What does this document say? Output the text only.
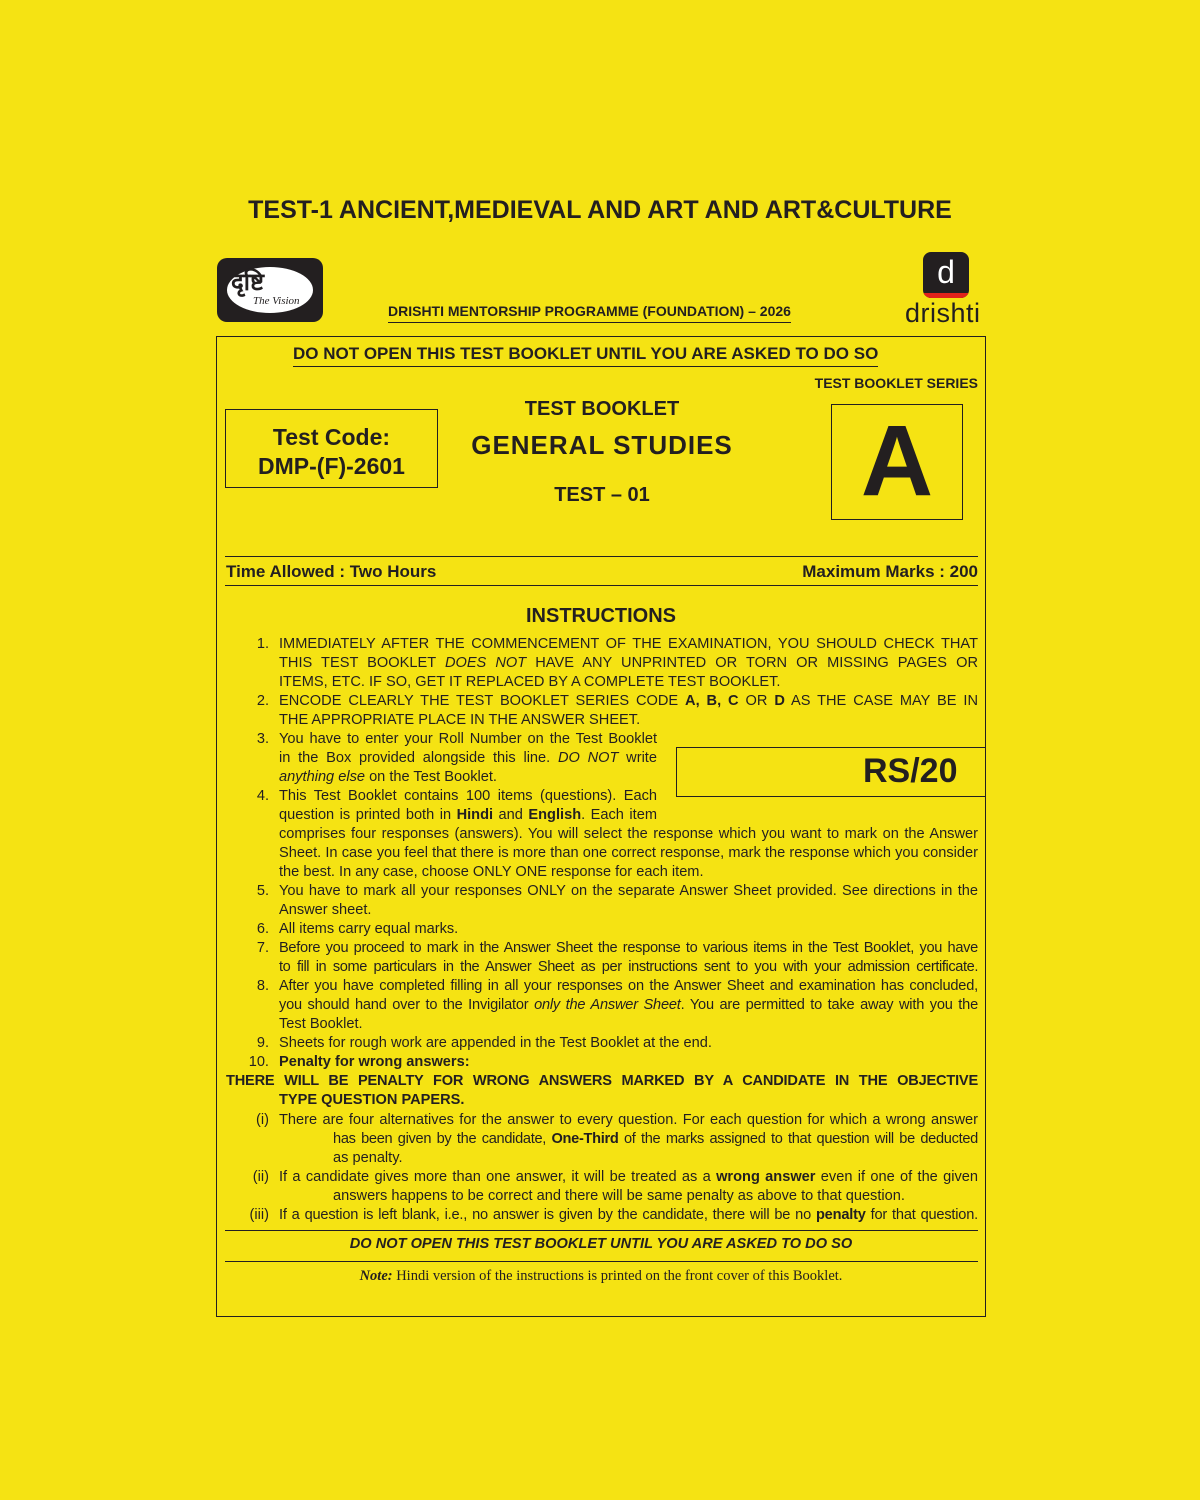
TEST-1 ANCIENT,MEDIEVAL AND ART AND ART&CULTURE
दृष्टि
The Vision
DRISHTI MENTORSHIP PROGRAMME (FOUNDATION) – 2026
d
drishti
DO NOT OPEN THIS TEST BOOKLET UNTIL YOU ARE ASKED TO DO SO
TEST BOOKLET SERIES
Test Code:
DMP-(F)-2601
TEST BOOKLET
GENERAL STUDIES
TEST – 01	A
Time Allowed : Two Hours	Maximum Marks : 200
INSTRUCTIONS
RS/20
1. IMMEDIATELY AFTER THE COMMENCEMENT OF THE EXAMINATION, YOU SHOULD CHECK THAT
THIS TEST BOOKLET DOES NOT HAVE ANY UNPRINTED OR TORN OR MISSING PAGES OR
ITEMS, ETC. IF SO, GET IT REPLACED BY A COMPLETE TEST BOOKLET.
2. ENCODE CLEARLY THE TEST BOOKLET SERIES CODE A, B, C OR D AS THE CASE MAY BE IN
THE APPROPRIATE PLACE IN THE ANSWER SHEET.
3. You have to enter your Roll Number on the Test Booklet
in the Box provided alongside this line. DO NOT write
anything else on the Test Booklet.
4. This Test Booklet contains 100 items (questions). Each
question is printed both in Hindi and English. Each item
comprises four responses (answers). You will select the response which you want to mark on the Answer
Sheet. In case you feel that there is more than one correct response, mark the response which you consider
the best. In any case, choose ONLY ONE response for each item.
5. You have to mark all your responses ONLY on the separate Answer Sheet provided. See directions in the
Answer sheet.
6. All items carry equal marks.
7. Before you proceed to mark in the Answer Sheet the response to various items in the Test Booklet, you have
to fill in some particulars in the Answer Sheet as per instructions sent to you with your admission certificate.
8. After you have completed filling in all your responses on the Answer Sheet and examination has concluded,
you should hand over to the Invigilator only the Answer Sheet. You are permitted to take away with you the
Test Booklet.
9. Sheets for rough work are appended in the Test Booklet at the end.
10. Penalty for wrong answers:
THERE WILL BE PENALTY FOR WRONG ANSWERS MARKED BY A CANDIDATE IN THE OBJECTIVE
TYPE QUESTION PAPERS.
(i) There are four alternatives for the answer to every question. For each question for which a wrong answer
has been given by the candidate, One-Third of the marks assigned to that question will be deducted
as penalty.
(ii) If a candidate gives more than one answer, it will be treated as a wrong answer even if one of the given
answers happens to be correct and there will be same penalty as above to that question.
(iii) If a question is left blank, i.e., no answer is given by the candidate, there will be no penalty for that question.
DO NOT OPEN THIS TEST BOOKLET UNTIL YOU ARE ASKED TO DO SO
Note: Hindi version of the instructions is printed on the front cover of this Booklet.
